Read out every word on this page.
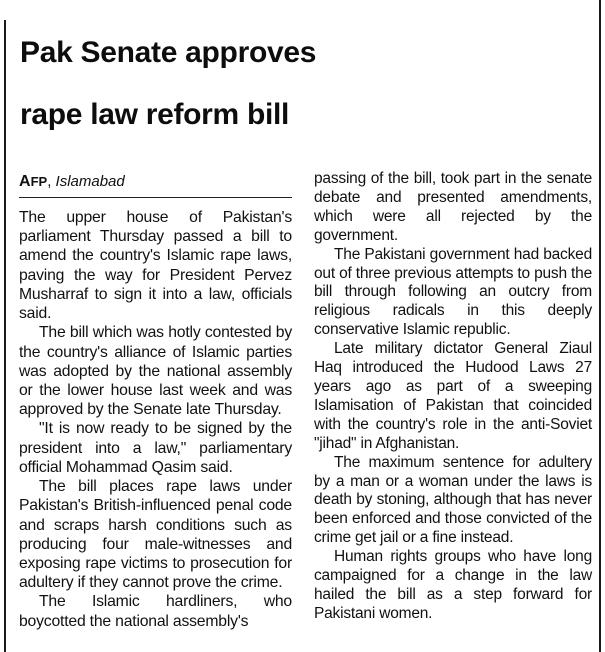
Pak Senate approves
rape law reform bill
AFP, Islamabad

The upper house of Pakistan's parliament Thursday passed a bill to amend the country's Islamic rape laws, paving the way for President Pervez Musharraf to sign it into a law, officials said.

The bill which was hotly contested by the country's alliance of Islamic parties was adopted by the national assembly or the lower house last week and was approved by the Senate late Thursday.

"It is now ready to be signed by the president into a law," parliamentary official Mohammad Qasim said.

The bill places rape laws under Pakistan's British-influenced penal code and scraps harsh conditions such as producing four male-witnesses and exposing rape victims to prosecution for adultery if they cannot prove the crime.

The Islamic hardliners, who boycotted the national assembly's

passing of the bill, took part in the senate debate and presented amendments, which were all rejected by the government.

The Pakistani government had backed out of three previous attempts to push the bill through following an outcry from religious radicals in this deeply conservative Islamic republic.

Late military dictator General Ziaul Haq introduced the Hudood Laws 27 years ago as part of a sweeping Islamisation of Pakistan that coincided with the country's role in the anti-Soviet "jihad" in Afghanistan.

The maximum sentence for adultery by a man or a woman under the laws is death by stoning, although that has never been enforced and those convicted of the crime get jail or a fine instead.

Human rights groups who have long campaigned for a change in the law hailed the bill as a step forward for Pakistani women.
